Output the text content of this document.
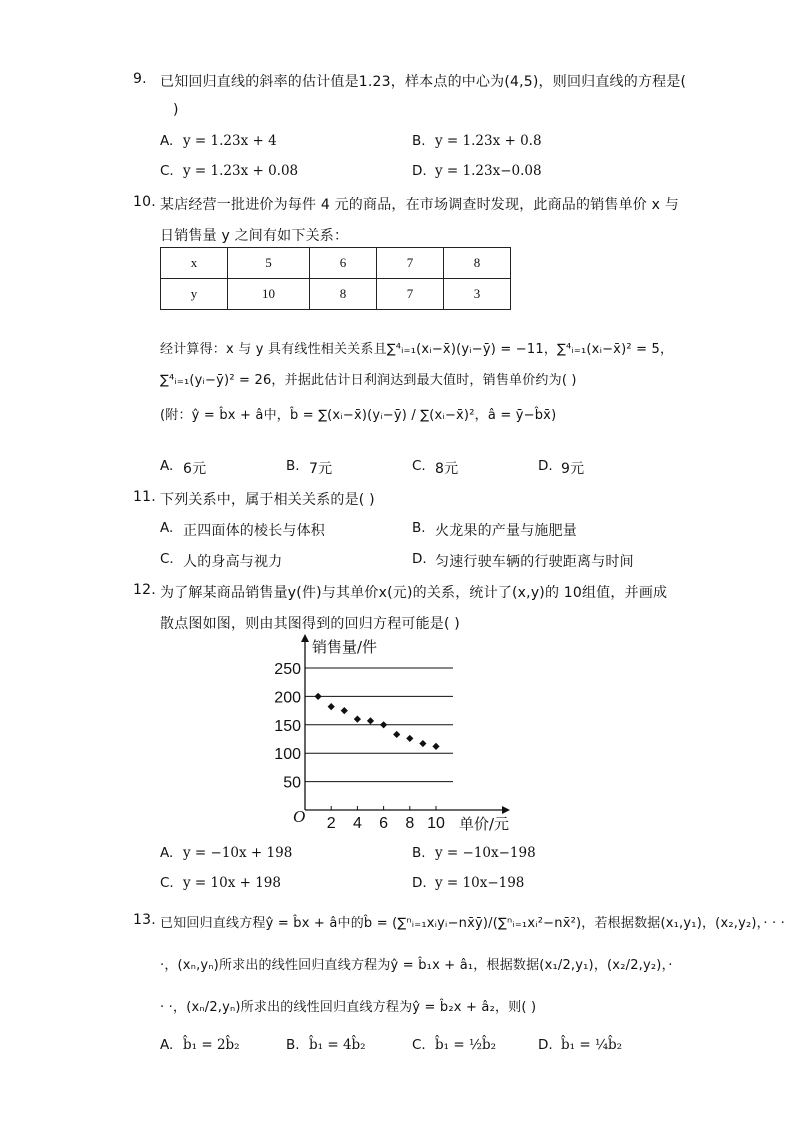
9. 已知回归直线的斜率的估计值是1.23，样本点的中心为(4,5)，则回归直线的方程是(
)
A. y = 1.23x + 4	B. y = 1.23x + 0.8
C. y = 1.23x + 0.08	D. y = 1.23x−0.08
10. 某店经营一批进价为每件 4 元的商品，在市场调查时发现，此商品的销售单价 x 与
日销售量 y 之间有如下关系：
x	5	6	7	8
y	10	8	7	3
经计算得：x 与 y 具有线性相关关系且∑⁴ᵢ₌₁(xᵢ−x̄)(yᵢ−ȳ) = −11，∑⁴ᵢ₌₁(xᵢ−x̄)² = 5，
∑⁴ᵢ₌₁(yᵢ−ȳ)² = 26，并据此估计日利润达到最大值时，销售单价约为( )
(附：ŷ = b̂x + â中，b̂ = ∑(xᵢ−x̄)(yᵢ−ȳ) / ∑(xᵢ−x̄)²，â = ȳ−b̂x̄)
A. 6元	B. 7元	C. 8元	D. 9元
11. 下列关系中，属于相关关系的是( )
A. 正四面体的棱长与体积	B. 火龙果的产量与施肥量
C. 人的身高与视力	D. 匀速行驶车辆的行驶距离与时间
12. 为了解某商品销售量y(件)与其单价x(元)的关系，统计了(x,y)的 10组值，并画成
散点图如图，则由其图得到的回归方程可能是( )
50
100
150
200
250
2 4 6 8 10
销售量/件
单价/元
O
A. y = −10x + 198	B. y = −10x−198
C. y = 10x + 198	D. y = 10x−198
13. 已知回归直线方程ŷ = b̂x + â中的b̂ = (∑ⁿᵢ₌₁xᵢyᵢ−nx̄ȳ)/(∑ⁿᵢ₌₁xᵢ²−nx̄²)，若根据数据(x₁,y₁)，(x₂,y₂)，· · ·
·，(xₙ,yₙ)所求出的线性回归直线方程为ŷ = b̂₁x + â₁，根据数据(x₁/2,y₁)，(x₂/2,y₂)，·
· ·，(xₙ/2,yₙ)所求出的线性回归直线方程为ŷ = b̂₂x + â₂，则( )
A. b̂₁ = 2b̂₂	B. b̂₁ = 4b̂₂	C. b̂₁ = ½b̂₂	D. b̂₁ = ¼b̂₂
